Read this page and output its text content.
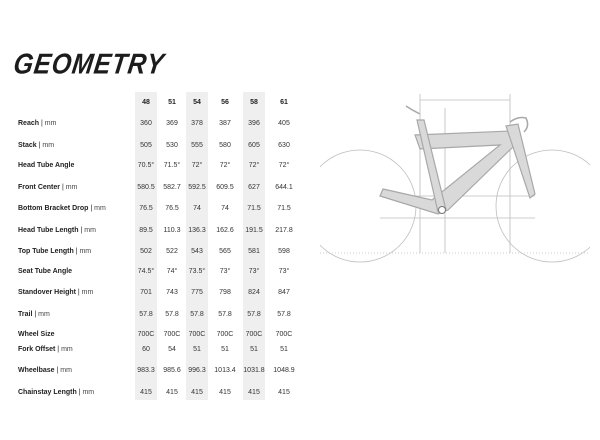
GEOMETRY
48	51	54	56	58	61
Reach | mm	360	369	378	387	396	405
Stack | mm	505	530	555	580	605	630
Head Tube Angle	70.5°	71.5°	72°	72°	72°	72°
Front Center | mm	580.5	582.7	592.5	609.5	627	644.1
Bottom Bracket Drop | mm	76.5	76.5	74	74	71.5	71.5
Head Tube Length | mm	89.5	110.3	136.3	162.6	191.5	217.8
Top Tube Length | mm	502	522	543	565	581	598
Seat Tube Angle	74.5°	74°	73.5°	73°	73°	73°
Standover Height | mm	701	743	775	798	824	847
Trail | mm	57.8	57.8	57.8	57.8	57.8	57.8
Wheel Size	700C	700C	700C	700C	700C	700C
Fork Offset | mm	60	54	51	51	51	51
Wheelbase | mm	983.3	985.6	996.3	1013.4	1031.8	1048.9
Chainstay Length | mm	415	415	415	415	415	415
